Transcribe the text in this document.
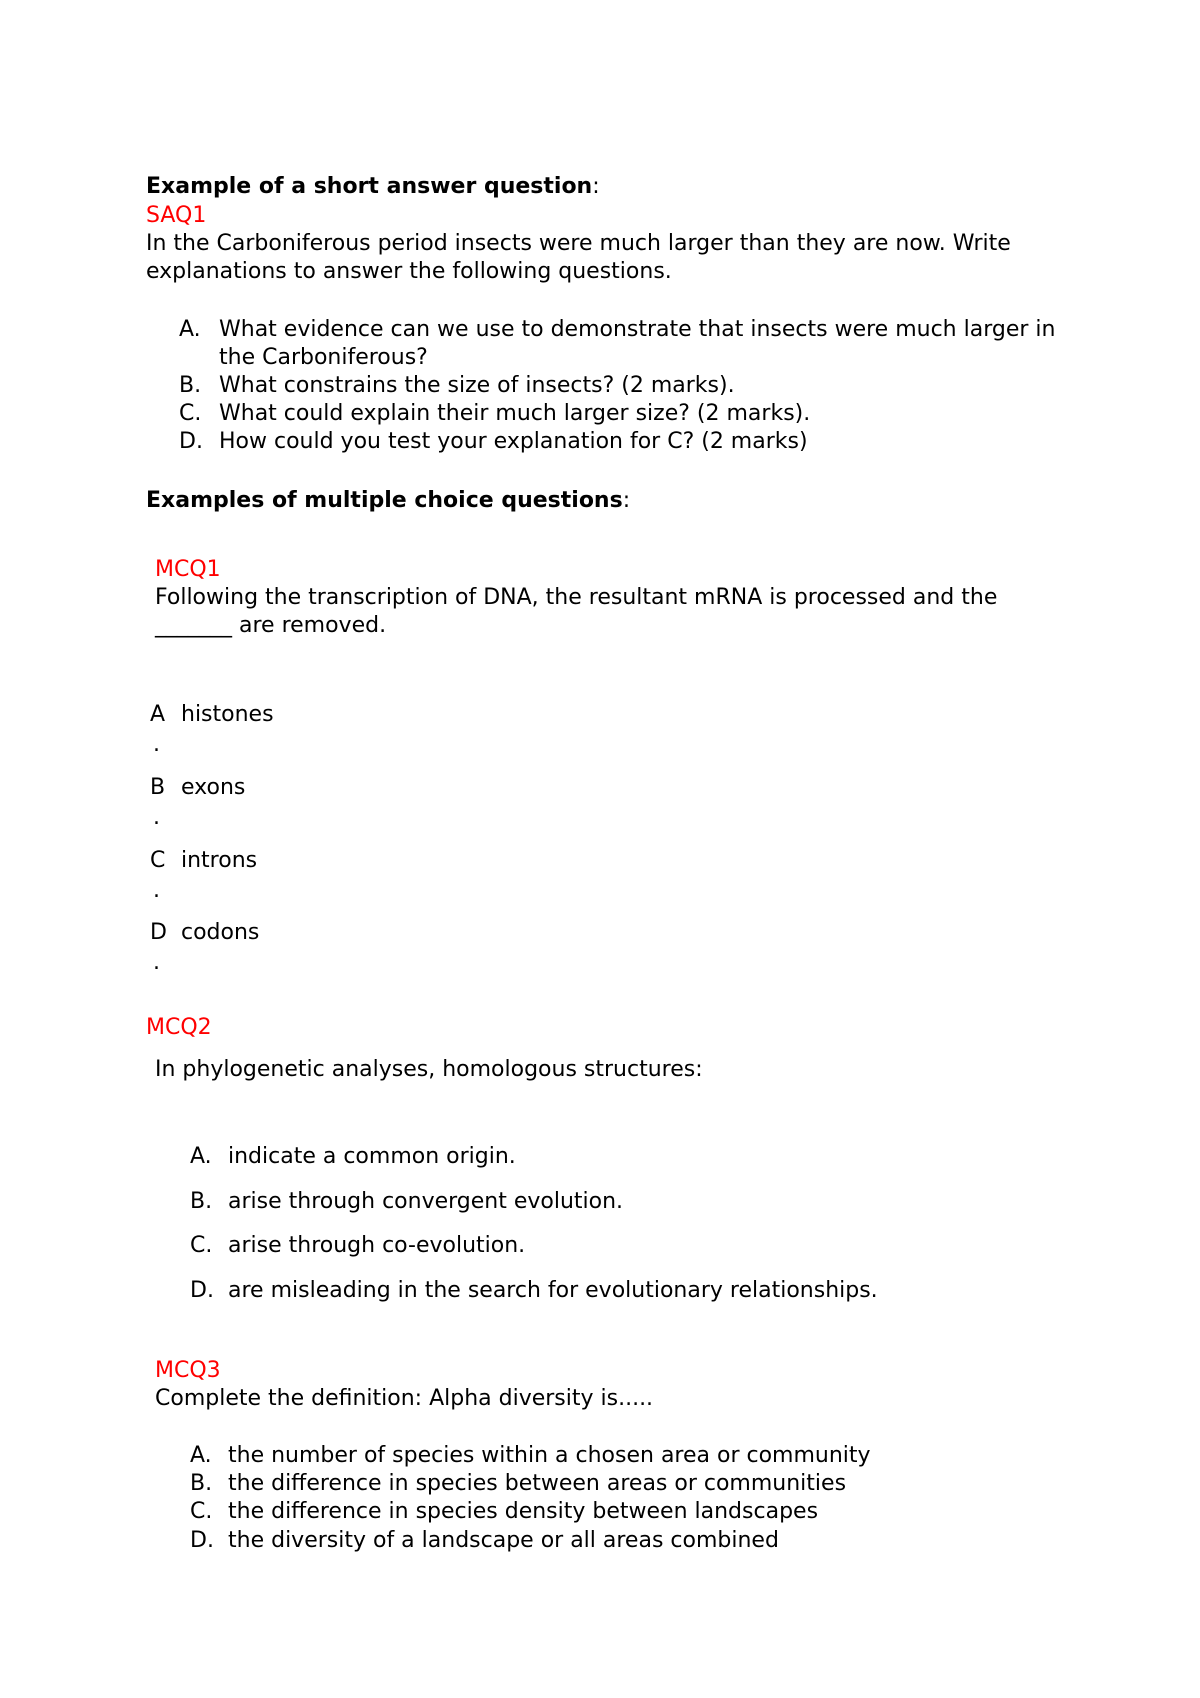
Example of a short answer question:
SAQ1
In the Carboniferous period insects were much larger than they are now. Write
explanations to answer the following questions.
A. What evidence can we use to demonstrate that insects were much larger in
the Carboniferous?
B. What constrains the size of insects? (2 marks).
C. What could explain their much larger size? (2 marks).
D. How could you test your explanation for C? (2 marks)
Examples of multiple choice questions:
MCQ1
Following the transcription of DNA, the resultant mRNA is processed and the
_______ are removed.
A histones
.
B exons
.
C introns
.
D codons
.
MCQ2
In phylogenetic analyses, homologous structures:
A. indicate a common origin.
B. arise through convergent evolution.
C. arise through co-evolution.
D. are misleading in the search for evolutionary relationships.
MCQ3
Complete the definition: Alpha diversity is.....
A. the number of species within a chosen area or community
B. the difference in species between areas or communities
C. the difference in species density between landscapes
D. the diversity of a landscape or all areas combined
